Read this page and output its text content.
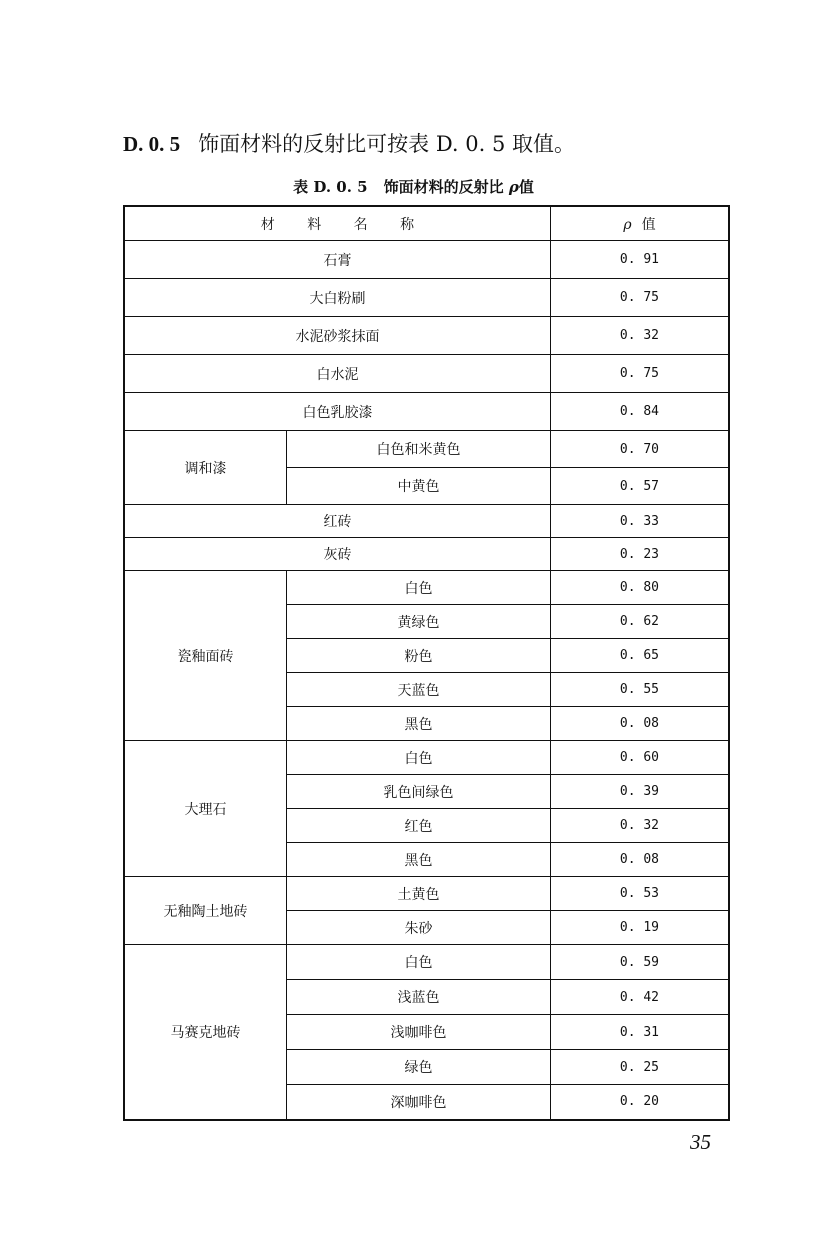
D. 0. 5 饰面材料的反射比可按表 D. 0. 5 取值。
表 D. 0. 5 饰面材料的反射比 ρ值
材 料 名 称		ρ 值
石膏		0. 91
大白粉刷		0. 75
水泥砂浆抹面		0. 32
白水泥		0. 75
白色乳胶漆		0. 84
调和漆	白色和米黄色	0. 70
	中黄色	0. 57
红砖		0. 33
灰砖		0. 23
瓷釉面砖	白色	0. 80
	黄绿色	0. 62
	粉色	0. 65
	天蓝色	0. 55
	黑色	0. 08
大理石	白色	0. 60
	乳色间绿色	0. 39
	红色	0. 32
	黑色	0. 08
无釉陶土地砖	土黄色	0. 53
	朱砂	0. 19
马赛克地砖	白色	0. 59
	浅蓝色	0. 42
	浅咖啡色	0. 31
	绿色	0. 25
	深咖啡色	0. 20
35
